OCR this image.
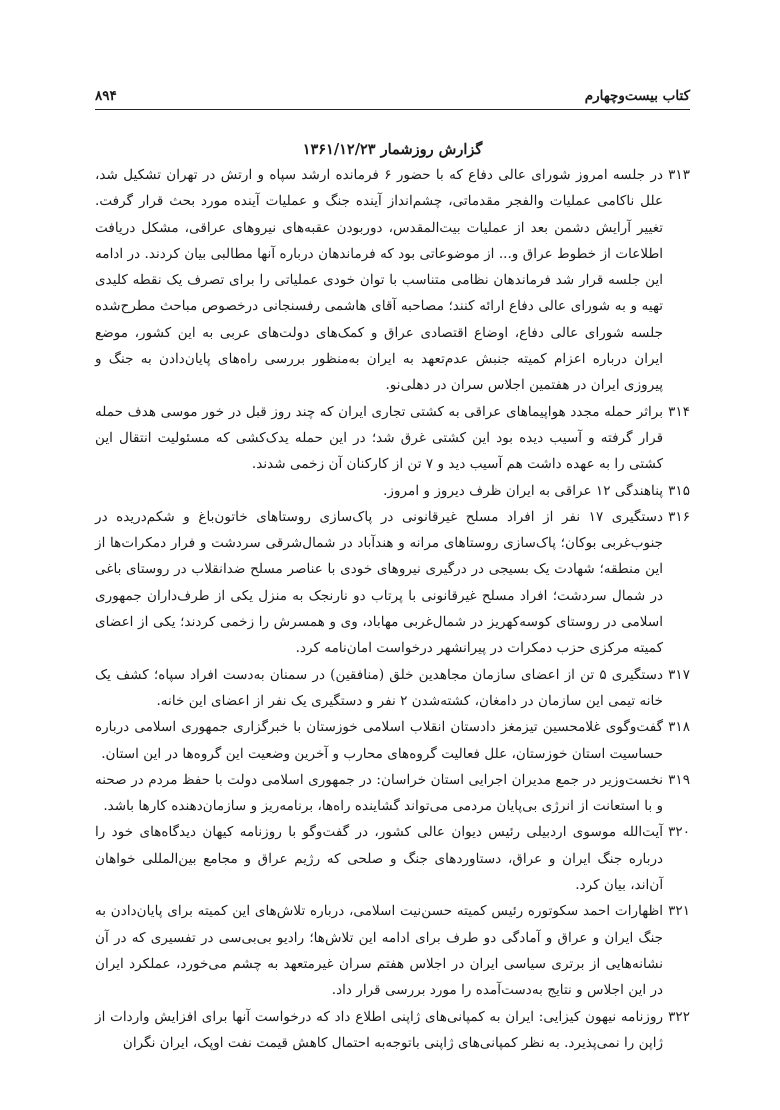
کتاب بیست‌وچهارم
۸۹۴
گزارش روزشمار ۱۳۶۱/۱۲/۲۳
۳۱۳
در جلسه امروز شورای عالی دفاع که با حضور ۶ فرمانده ارشد سپاه و ارتش در تهران تشکیل شد، علل ناکامی عملیات والفجر مقدماتی، چشم‌انداز آینده جنگ و عملیات آینده مورد بحث قرار گرفت. تغییر آرایش دشمن بعد از عملیات بیت‌المقدس، دوربودن عقبه‌های نیروهای عراقی، مشکل دریافت اطلاعات از خطوط عراق و... از موضوعاتی بود که فرماندهان درباره آنها مطالبی بیان کردند. در ادامه این جلسه قرار شد فرماندهان نظامی متناسب با توان خودی عملیاتی را برای تصرف یک نقطه کلیدی تهیه و به شورای عالی دفاع ارائه کنند؛ مصاحبه آقای هاشمی رفسنجانی درخصوص مباحث مطرح‌شده جلسه شورای عالی دفاع، اوضاع اقتصادی عراق و کمک‌های دولت‌های عربی به این کشور، موضع ایران درباره اعزام کمیته جنبش عدم‌تعهد به ایران به‌منظور بررسی راه‌های پایان‌دادن به جنگ و پیروزی ایران در هفتمین اجلاس سران در دهلی‌نو.
۳۱۴
براثر حمله مجدد هواپیماهای عراقی به کشتی تجاری ایران که چند روز قبل در خور موسی هدف حمله قرار گرفته و آسیب دیده بود این کشتی غرق شد؛ در این حمله یدک‌کشی که مسئولیت انتقال این کشتی را به عهده داشت هم آسیب دید و ۷ تن از کارکنان آن زخمی شدند.
۳۱۵
پناهندگی ۱۲ عراقی به ایران ظرف دیروز و امروز.
۳۱۶
دستگیری ۱۷ نفر از افراد مسلح غیرقانونی در پاک‌سازی روستاهای خاتون‌باغ و شکم‌دریده در جنوب‌غربی بوکان؛ پاک‌سازی روستاهای مرانه و هندآباد در شمال‌شرقی سردشت و فرار دمکرات‌ها از این منطقه؛ شهادت یک بسیجی در درگیری نیروهای خودی با عناصر مسلح ضدانقلاب در روستای باغی در شمال سردشت؛ افراد مسلح غیرقانونی با پرتاب دو نارنجک به منزل یکی از طرف‌داران جمهوری اسلامی در روستای کوسه‌کهریز در شمال‌غربی مهاباد، وی و همسرش را زخمی کردند؛ یکی از اعضای کمیته مرکزی حزب دمکرات در پیرانشهر درخواست امان‌نامه کرد.
۳۱۷
دستگیری ۵ تن از اعضای سازمان مجاهدین خلق (منافقین) در سمنان به‌دست افراد سپاه؛ کشف یک خانه تیمی این سازمان در دامغان، کشته‌شدن ۲ نفر و دستگیری یک نفر از اعضای این خانه.
۳۱۸
گفت‌وگوی غلامحسین تیزمغز دادستان انقلاب اسلامی خوزستان با خبرگزاری جمهوری اسلامی درباره حساسیت استان خوزستان، علل فعالیت گروه‌های محارب و آخرین وضعیت این گروه‌ها در این استان.
۳۱۹
نخست‌وزیر در جمع مدیران اجرایی استان خراسان: در جمهوری اسلامی دولت با حفظ مردم در صحنه و با استعانت از انرژی بی‌پایان مردمی می‌تواند گشاینده راه‌ها، برنامه‌ریز و سازمان‌دهنده کارها باشد.
۳۲۰
آیت‌الله موسوی اردبیلی رئیس دیوان عالی کشور، در گفت‌وگو با روزنامه کیهان دیدگاه‌های خود را درباره جنگ ایران و عراق، دستاوردهای جنگ و صلحی که رژیم عراق و مجامع بین‌المللی خواهان آن‌اند، بیان کرد.
۳۲۱
اظهارات احمد سکوتوره رئیس کمیته حسن‌نیت اسلامی، درباره تلاش‌های این کمیته برای پایان‌دادن به جنگ ایران و عراق و آمادگی دو طرف برای ادامه این تلاش‌ها؛ رادیو بی‌بی‌سی در تفسیری که در آن نشانه‌هایی از برتری سیاسی ایران در اجلاس هفتم سران غیرمتعهد به چشم می‌خورد، عملکرد ایران در این اجلاس و نتایج به‌دست‌آمده را مورد بررسی قرار داد.
۳۲۲
روزنامه نیهون کیزایی: ایران به کمپانی‌های ژاپنی اطلاع داد که درخواست آنها برای افزایش واردات از ژاپن را نمی‌پذیرد. به نظر کمپانی‌های ژاپنی باتوجه‌به احتمال کاهش قیمت نفت اوپک، ایران نگران
